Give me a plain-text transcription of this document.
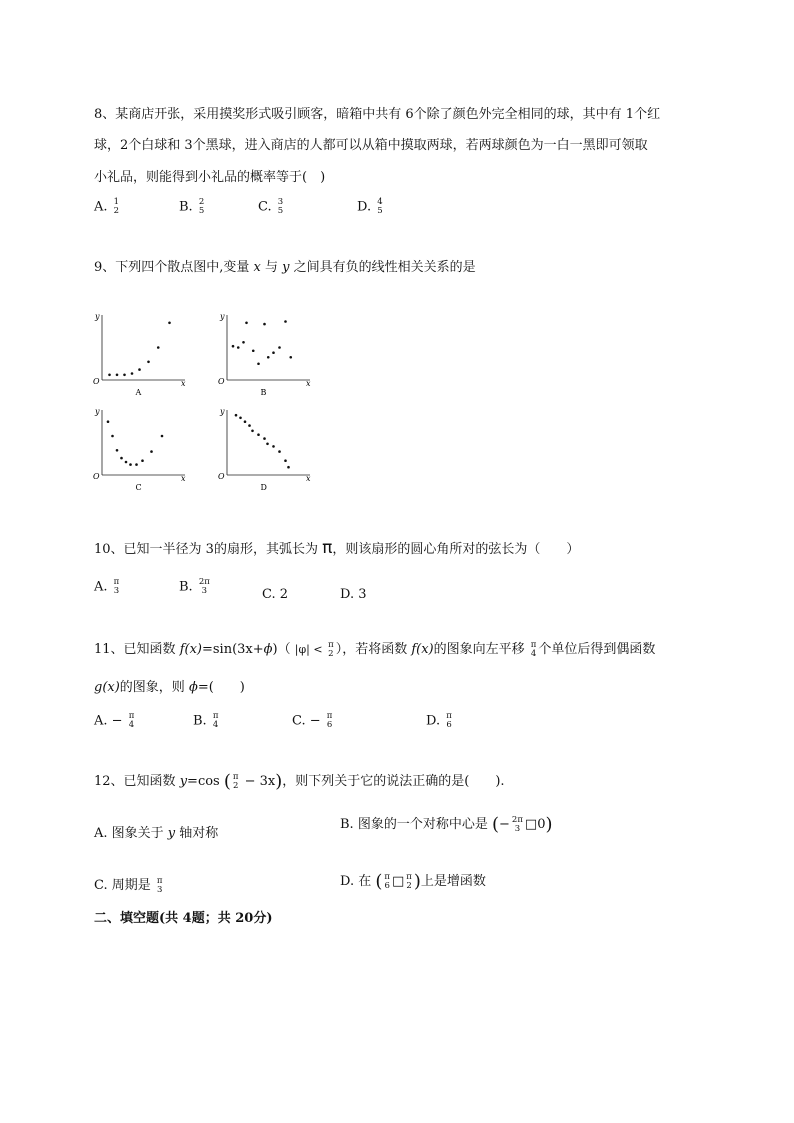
8、某商店开张，采用摸奖形式吸引顾客，暗箱中共有 6个除了颜色外完全相同的球，其中有 1个红
球，2个白球和 3个黑球，进入商店的人都可以从箱中摸取两球，若两球颜色为一白一黑即可领取
小礼品，则能得到小礼品的概率等于(　)
A. 1
2	B. 2
5	C. 3
5	D. 4
5
9、下列四个散点图中,变量 x 与 y 之间具有负的线性相关关系的是
y
x
O
A
y
x
O
B
y
x
O
C
y
x
O
D
10、已知一半径为 3的扇形，其弧长为 π，则该扇形的圆心角所对的弦长为（　　）
A. π
3	B. 2π
3	C. 2	D. 3
11、已知函数 f(x)=sin(3x+ϕ)（ |φ| < π
2 ），若将函数 f(x)的图象向左平移 π
4 个单位后得到偶函数
g(x)的图象，则 ϕ=(　　)
A. − π
4	B. π
4	C. − π
6	D. π
6
12、已知函数 y=cos ( π
2 − 3x)，则下列关于它的说法正确的是(　　).
A. 图象关于 y 轴对称
B. 图象的一个对称中心是 (− 2π
3 □0)
C. 周期是 π
3
D. 在 ( π
6 □ π
2 )上是增函数
二、填空题(共 4题；共 20分)
